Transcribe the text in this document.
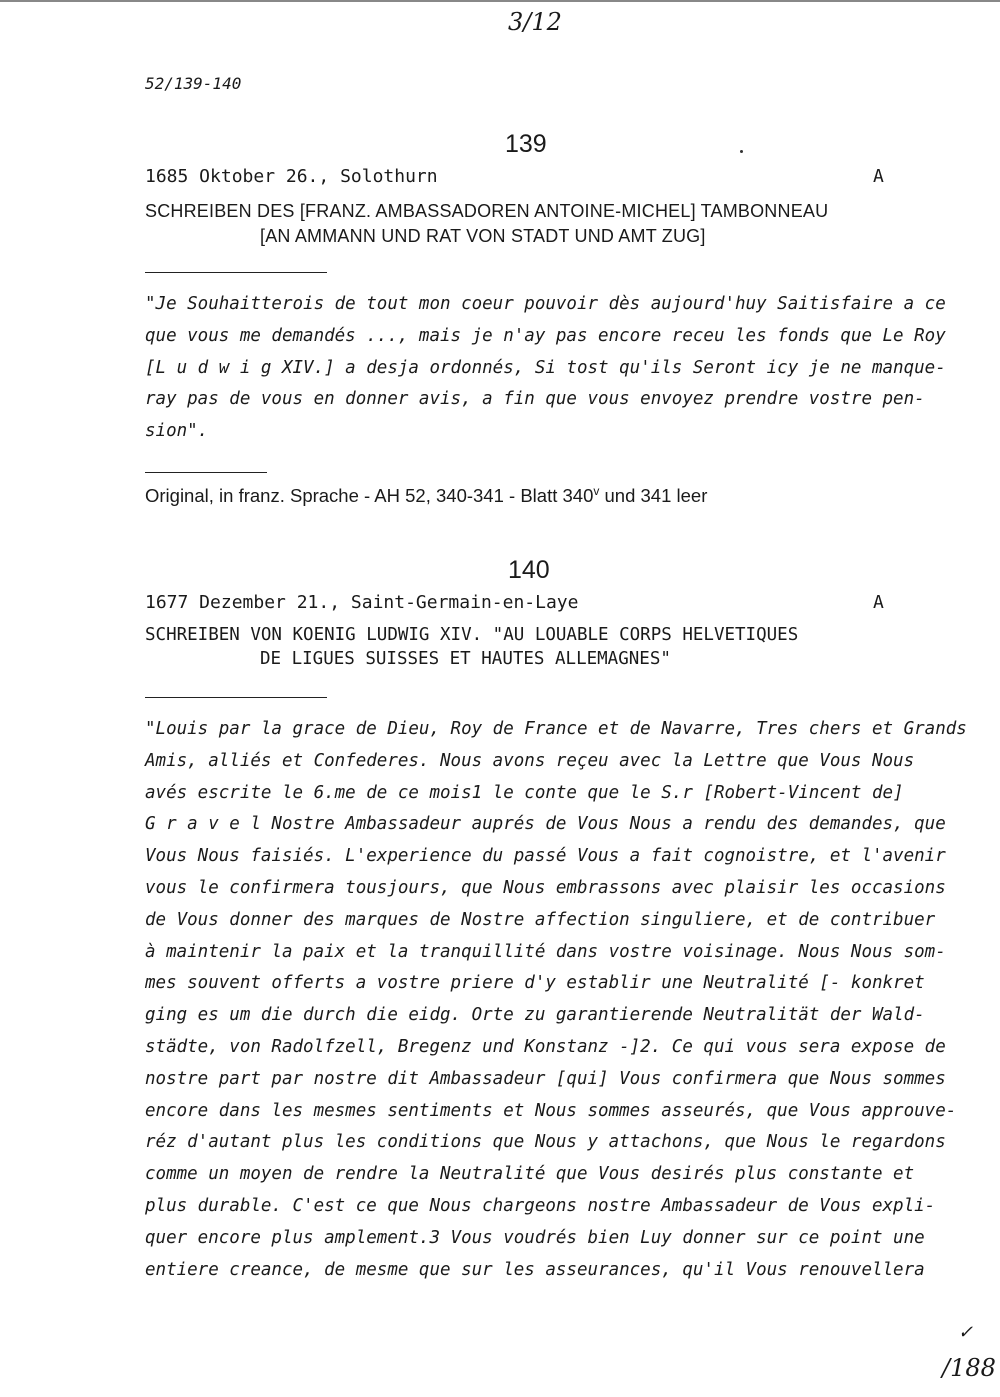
3/12
52/139-140
139
1685 Oktober 26., Solothurn	A
SCHREIBEN DES [FRANZ. AMBASSADOREN ANTOINE-MICHEL] TAMBONNEAU
[AN AMMANN UND RAT VON STADT UND AMT ZUG]
"Je Souhaitterois de tout mon coeur pouvoir dès aujourd'huy Saitisfaire a ce
que vous me demandés ..., mais je n'ay pas encore receu les fonds que Le Roy
[L u d w i g XIV.] a desja ordonnés, Si tost qu'ils Seront icy je ne manque-
ray pas de vous en donner avis, a fin que vous envoyez prendre vostre pen-
sion".
Original, in franz. Sprache - AH 52, 340-341 - Blatt 340$^v$ und 341 leer
140
1677 Dezember 21., Saint-Germain-en-Laye	A
SCHREIBEN VON KOENIG LUDWIG XIV. "AU LOUABLE CORPS HELVETIQUES
DE LIGUES SUISSES ET HAUTES ALLEMAGNES"
"Louis par la grace de Dieu, Roy de France et de Navarre, Tres chers et Grands
Amis, alliés et Confederes. Nous avons reçeu avec la Lettre que Vous Nous
avés escrite le 6.me de ce mois1 le conte que le S.r [Robert-Vincent de]
G r a v e l Nostre Ambassadeur auprés de Vous Nous a rendu des demandes, que
Vous Nous faisiés. L'experience du passé Vous a fait cognoistre, et l'avenir
vous le confirmera tousjours, que Nous embrassons avec plaisir les occasions
de Vous donner des marques de Nostre affection singuliere, et de contribuer
à maintenir la paix et la tranquillité dans vostre voisinage. Nous Nous som-
mes souvent offerts a vostre priere d'y establir une Neutralité [- konkret
ging es um die durch die eidg. Orte zu garantierende Neutralität der Wald-
städte, von Radolfzell, Bregenz und Konstanz -]2. Ce qui vous sera expose de
nostre part par nostre dit Ambassadeur [qui] Vous confirmera que Nous sommes
encore dans les mesmes sentiments et Nous sommes asseurés, que Vous approuve-
réz d'autant plus les conditions que Nous y attachons, que Nous le regardons
comme un moyen de rendre la Neutralité que Vous desirés plus constante et
plus durable. C'est ce que Nous chargeons nostre Ambassadeur de Vous expli-
quer encore plus amplement.3 Vous voudrés bien Luy donner sur ce point une
entiere creance, de mesme que sur les asseurances, qu'il Vous renouvellera
✓
/188
